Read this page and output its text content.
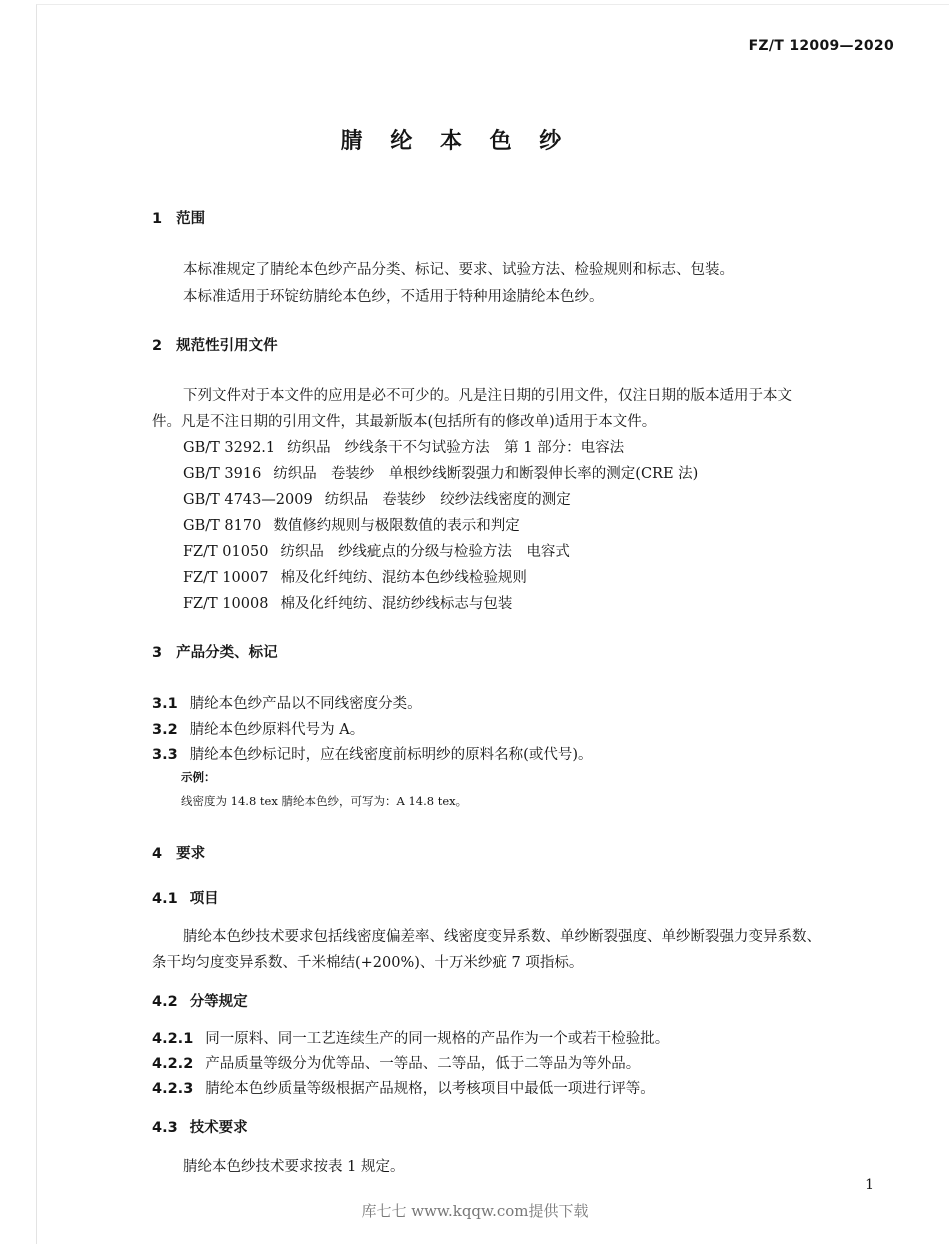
FZ/T 12009—2020
腈 纶 本 色 纱
1 范围
本标准规定了腈纶本色纱产品分类、标记、要求、试验方法、检验规则和标志、包装。
本标准适用于环锭纺腈纶本色纱，不适用于特种用途腈纶本色纱。
2 规范性引用文件
下列文件对于本文件的应用是必不可少的。凡是注日期的引用文件，仅注日期的版本适用于本文
件。凡是不注日期的引用文件，其最新版本(包括所有的修改单)适用于本文件。
GB/T 3292.1 纺织品 纱线条干不匀试验方法　第 1 部分：电容法
GB/T 3916 纺织品 卷装纱　单根纱线断裂强力和断裂伸长率的测定(CRE 法)
GB/T 4743—2009 纺织品 卷装纱　绞纱法线密度的测定
GB/T 8170 数值修约规则与极限数值的表示和判定
FZ/T 01050 纺织品 纱线疵点的分级与检验方法　电容式
FZ/T 10007 棉及化纤纯纺、混纺本色纱线检验规则
FZ/T 10008 棉及化纤纯纺、混纺纱线标志与包装
3 产品分类、标记
3.1 腈纶本色纱产品以不同线密度分类。
3.2 腈纶本色纱原料代号为 A。
3.3 腈纶本色纱标记时，应在线密度前标明纱的原料名称(或代号)。
示例：
线密度为 14.8 tex 腈纶本色纱，可写为：A 14.8 tex。
4 要求
4.1 项目
腈纶本色纱技术要求包括线密度偏差率、线密度变异系数、单纱断裂强度、单纱断裂强力变异系数、
条干均匀度变异系数、千米棉结(+200%)、十万米纱疵 7 项指标。
4.2 分等规定
4.2.1 同一原料、同一工艺连续生产的同一规格的产品作为一个或若干检验批。
4.2.2 产品质量等级分为优等品、一等品、二等品，低于二等品为等外品。
4.2.3 腈纶本色纱质量等级根据产品规格，以考核项目中最低一项进行评等。
4.3 技术要求
腈纶本色纱技术要求按表 1 规定。
1
库七七 www.kqqw.com提供下载
